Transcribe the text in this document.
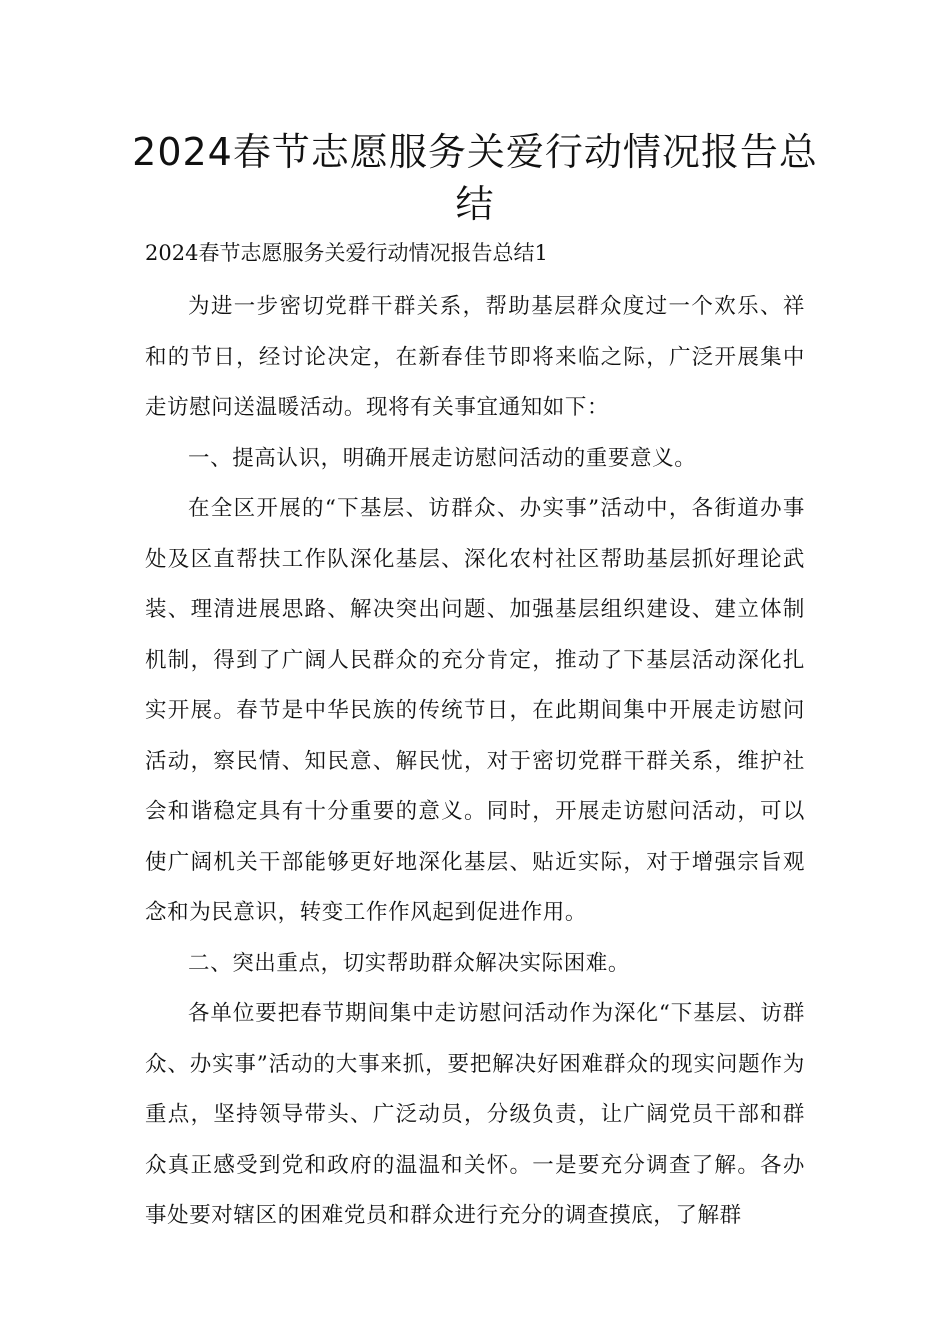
2024春节志愿服务关爱行动情况报告总结

2024春节志愿服务关爱行动情况报告总结1

为进一步密切党群干群关系，帮助基层群众度过一个欢乐、祥和的节日，经讨论决定，在新春佳节即将来临之际，广泛开展集中走访慰问送温暖活动。现将有关事宜通知如下：

一、提高认识，明确开展走访慰问活动的重要意义。

在全区开展的“下基层、访群众、办实事”活动中，各街道办事处及区直帮扶工作队深化基层、深化农村社区帮助基层抓好理论武装、理清进展思路、解决突出问题、加强基层组织建设、建立体制机制，得到了广阔人民群众的充分肯定，推动了下基层活动深化扎实开展。春节是中华民族的传统节日，在此期间集中开展走访慰问活动，察民情、知民意、解民忧，对于密切党群干群关系，维护社会和谐稳定具有十分重要的意义。同时，开展走访慰问活动，可以使广阔机关干部能够更好地深化基层、贴近实际，对于增强宗旨观念和为民意识，转变工作作风起到促进作用。

二、突出重点，切实帮助群众解决实际困难。

各单位要把春节期间集中走访慰问活动作为深化“下基层、访群众、办实事”活动的大事来抓，要把解决好困难群众的现实问题作为重点，坚持领导带头、广泛动员，分级负责，让广阔党员干部和群众真正感受到党和政府的温温和关怀。一是要充分调查了解。各办事处要对辖区的困难党员和群众进行充分的调查摸底，了解群
